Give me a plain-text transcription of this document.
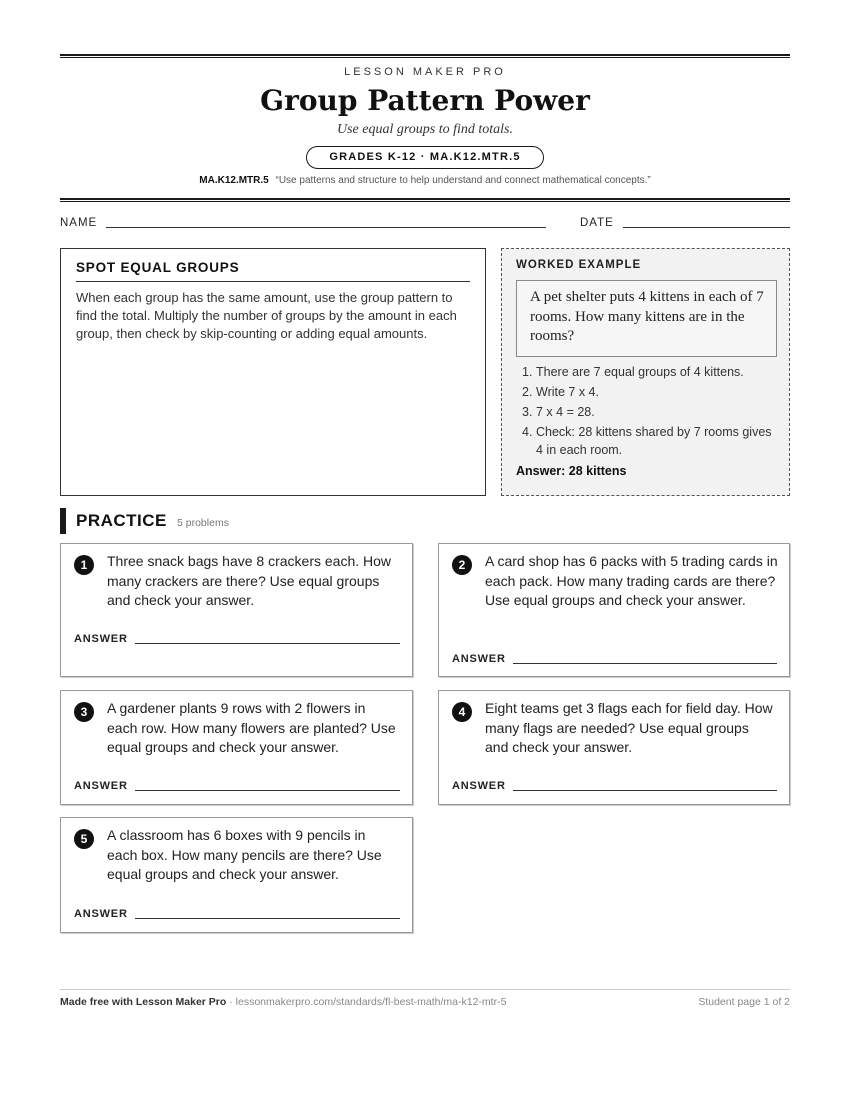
LESSON MAKER PRO
Group Pattern Power
Use equal groups to find totals.
GRADES K-12 · MA.K12.MTR.5
MA.K12.MTR.5 “Use patterns and structure to help understand and connect mathematical concepts.”
NAME	DATE
SPOT EQUAL GROUPS

When each group has the same amount, use the group pattern to find the total. Multiply the number of groups by the amount in each group, then check by skip-counting or adding equal amounts.

WORKED EXAMPLE
A pet shelter puts 4 kittens in each of 7 rooms. How many kittens are in the rooms?
1. There are 7 equal groups of 4 kittens.
2. Write 7 x 4.
3. 7 x 4 = 28.
4. Check: 28 kittens shared by 7 rooms gives 4 in each room.
Answer: 28 kittens
PRACTICE 5 problems
1	Three snack bags have 8 crackers each. How many crackers are there? Use equal groups and check your answer.
ANSWER
2	A card shop has 6 packs with 5 trading cards in each pack. How many trading cards are there? Use equal groups and check your answer.
ANSWER
3	A gardener plants 9 rows with 2 flowers in each row. How many flowers are planted? Use equal groups and check your answer.
ANSWER
4	Eight teams get 3 flags each for field day. How many flags are needed? Use equal groups and check your answer.
ANSWER
5	A classroom has 6 boxes with 9 pencils in each box. How many pencils are there? Use equal groups and check your answer.
ANSWER
Made free with Lesson Maker Pro · lessonmakerpro.com/standards/fl-best-math/ma-k12-mtr-5	Student page 1 of 2
